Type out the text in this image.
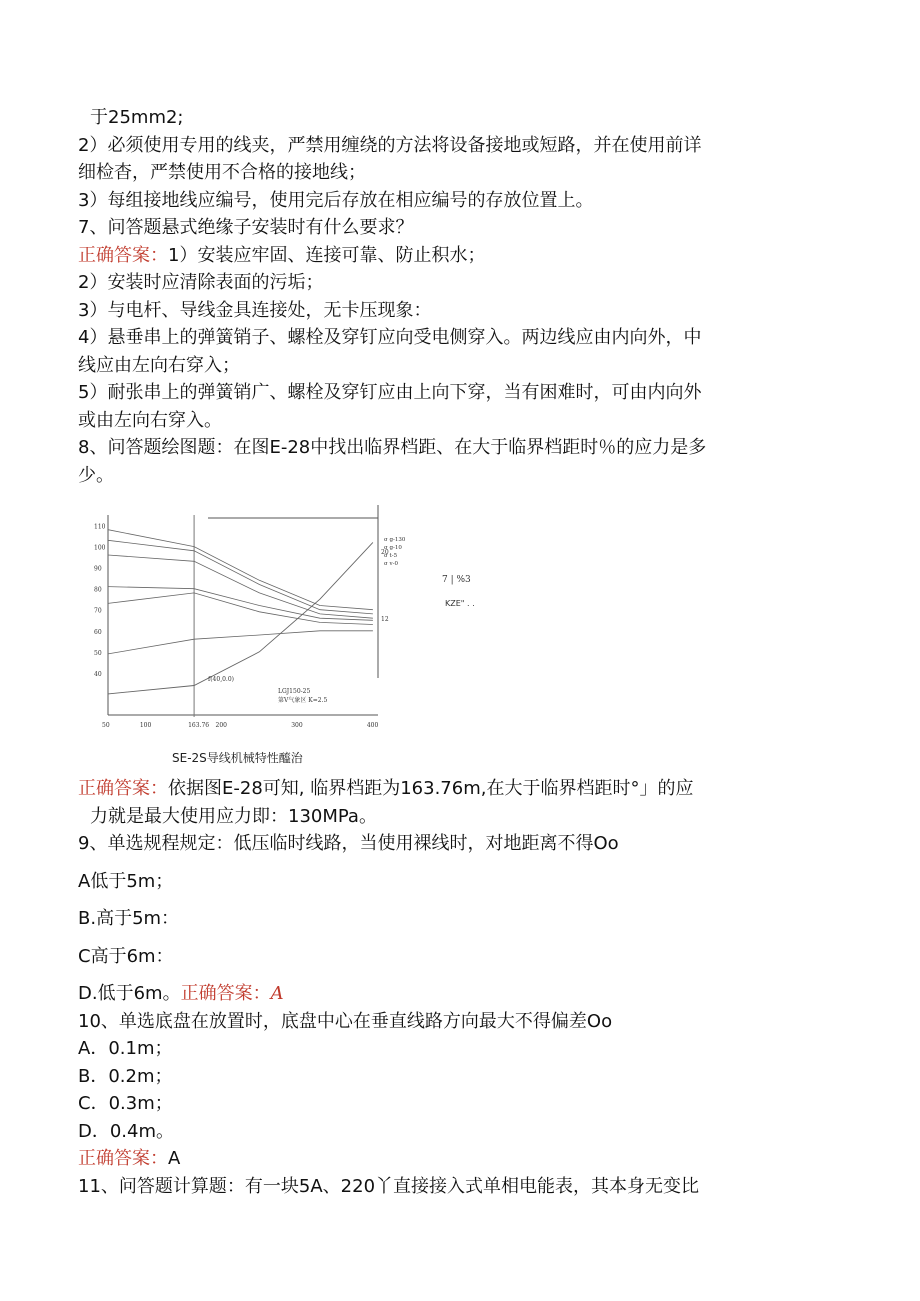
于25mm2;

2）必须使用专用的线夹，严禁用缠绕的方法将设备接地或短路，并在使用前详

细检杳，严禁使用不合格的接地线；

3）每组接地线应编号，使用完后存放在相应编号的存放位置上。

7、问答题悬式绝缘子安装时有什么要求？

正确答案：1）安装应牢固、连接可靠、防止积水；

2）安装时应清除表面的污垢；

3）与电杆、导线金具连接处，无卡压现象：

4）悬垂串上的弹簧销子、螺栓及穿钉应向受电侧穿入。两边线应由内向外，中

线应由左向右穿入；

5）耐张串上的弹簧销广、螺栓及穿钉应由上向下穿，当有困难时，可由内向外

或由左向右穿入。

8、问答题绘图题：在图E-28中找出临界档距、在大于临界档距时％的应力是多

少。

50	100	163.76 200	300	400
110
100
90
80
70
60
50
40
20
12
σ g-130
σ g-10
σ t-5
σ v-0
f(40,0.0)
LGJ150-25
第V气象区 K=2.5
7 | %3
KZE" . .
SE-2S导线机械特性醯治

正确答案：依据图E-28可知, 临界档距为163.76m,在大于临界档距时°」的应

力就是最大使用应力即：130MPa。

9、单选规程规定：低压临时线路，当使用裸线时，对地距离不得Oo

A低于5m；

B.高于5m：

C高于6m：

D.低于6m。正确答案：A

10、单选底盘在放置时，底盘中心在垂直线路方向最大不得偏差Oo

A．0.1m；

B．0.2m；

C．0.3m；

D．0.4m。

正确答案：A

11、问答题计算题：有一块5A、220丫直接接入式单相电能表，其本身无变比
